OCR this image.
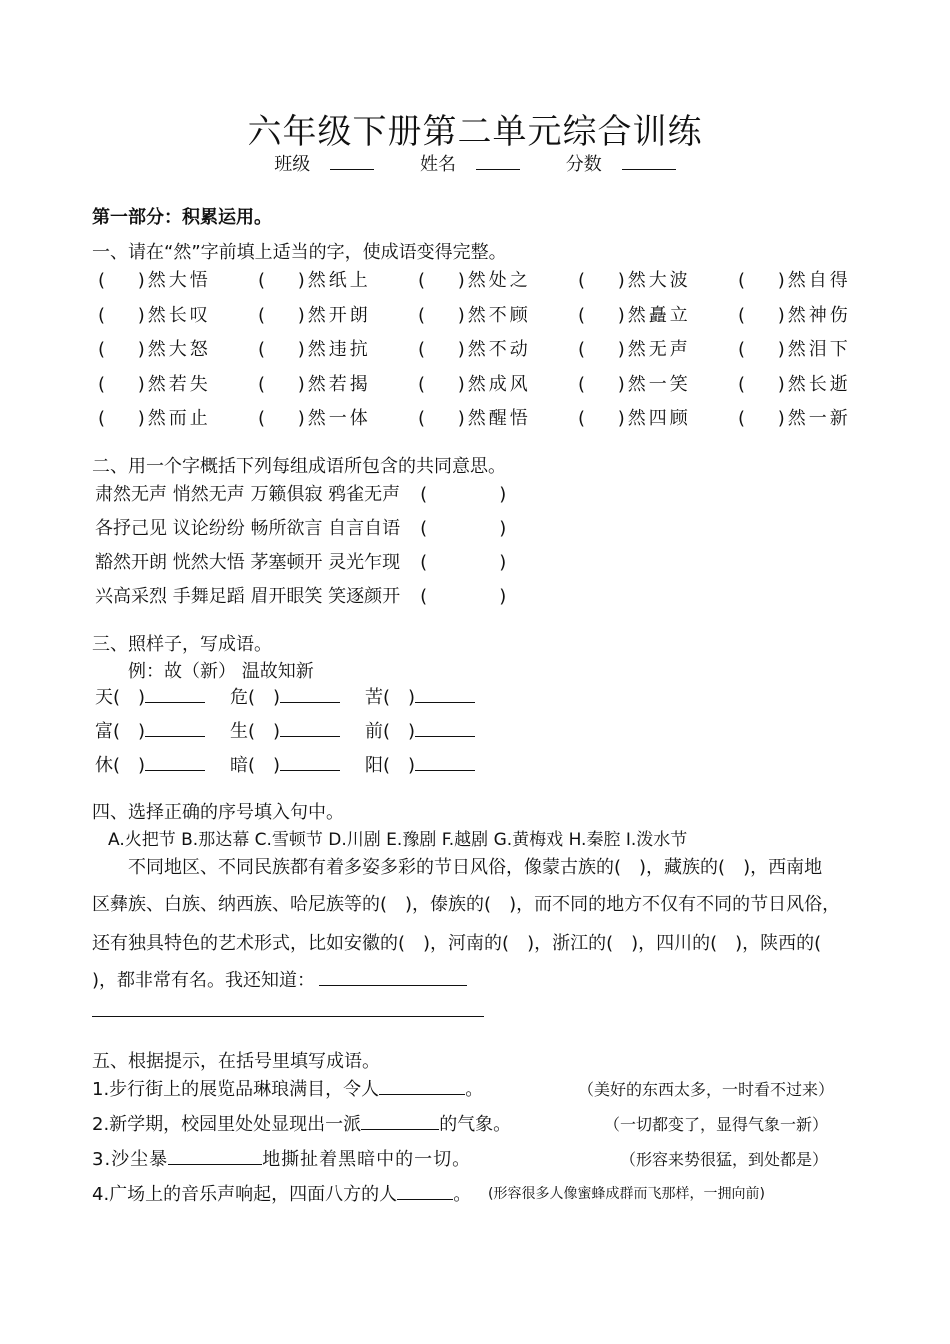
六年级下册第二单元综合训练
班级	姓名	分数
第一部分：积累运用。
一、请在“然”字前填上适当的字，使成语变得完整。
(　 )然大悟	(　 )然纸上	(　 )然处之	(　 )然大波	(　 )然自得
(　 )然长叹	(　 )然开朗	(　 )然不顾	(　 )然矗立	(　 )然神伤
(　 )然大怒	(　 )然违抗	(　 )然不动	(　 )然无声	(　 )然泪下
(　 )然若失	(　 )然若揭	(　 )然成风	(　 )然一笑	(　 )然长逝
(　 )然而止	(　 )然一体	(　 )然醒悟	(　 )然四顾	(　 )然一新
二、用一个字概括下列每组成语所包含的共同意思。
肃然无声 悄然无声 万籁俱寂 鸦雀无声 (　　　　)
各抒己见 议论纷纷 畅所欲言 自言自语 (　　　　)
豁然开朗 恍然大悟 茅塞顿开 灵光乍现 (　　　　)
兴高采烈 手舞足蹈 眉开眼笑 笑逐颜开 (　　　　)
三、照样子，写成语。
例：故（新） 温故知新
天(　)	危(　)	苦(　)
富(　)	生(　)	前(　)
休(　)	暗(　)	阳(　)
四、选择正确的序号填入句中。
A.火把节 B.那达幕 C.雪顿节 D.川剧 E.豫剧 F.越剧 G.黄梅戏 H.秦腔 I.泼水节
不同地区、不同民族都有着多姿多彩的节日风俗，像蒙古族的(　)，藏族的(　)，西南地
区彝族、白族、纳西族、哈尼族等的(　)，傣族的(　)，而不同的地方不仅有不同的节日风俗，
还有独具特色的艺术形式，比如安徽的(　)，河南的(　)，浙江的(　)，四川的(　)，陕西的(
)，都非常有名。我还知道：
五、根据提示，在括号里填写成语。
1.步行街上的展览品琳琅满目，令人	。	（美好的东西太多，一时看不过来）
2.新学期，校园里处处显现出一派	的气象。	（一切都变了，显得气象一新）
3.沙尘暴	地撕扯着黑暗中的一切。	（形容来势很猛，到处都是）
4.广场上的音乐声响起，四面八方的人	。 (形容很多人像蜜蜂成群而飞那样，一拥向前)
